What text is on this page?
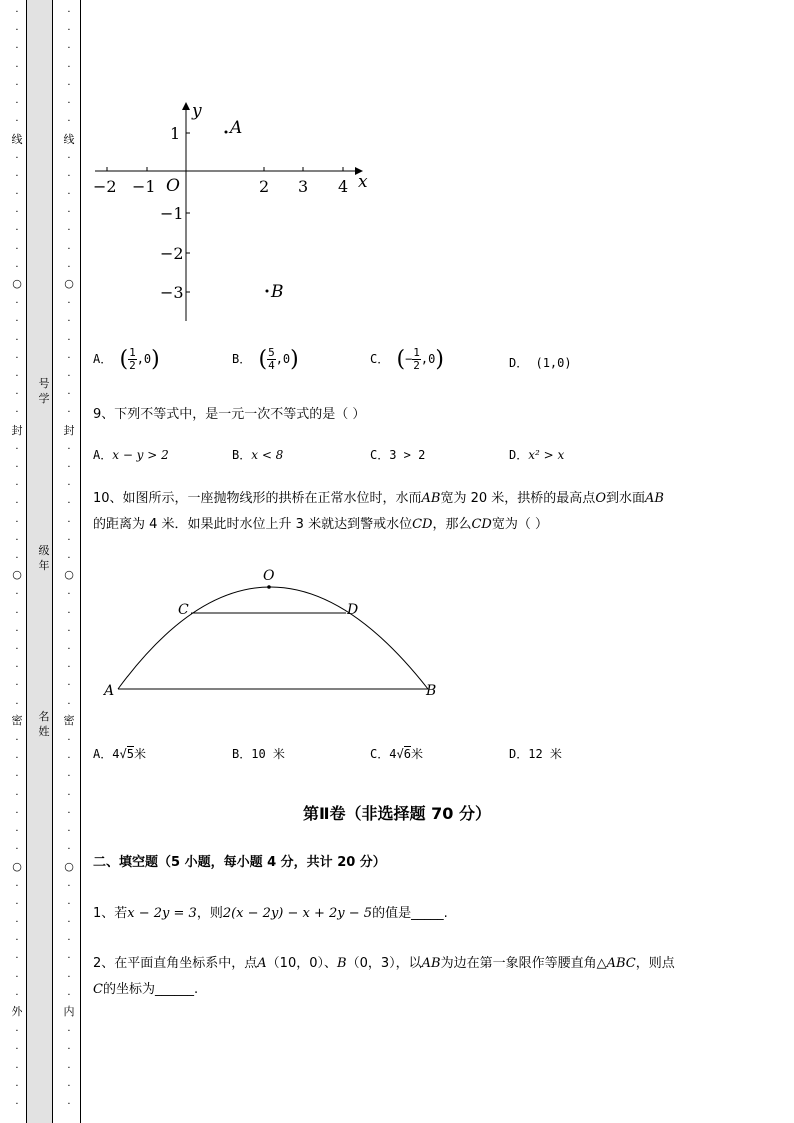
·
·
·
·
·
·
·
·
·
·
·
·
·
·
·
·
·
·
·
·
·
·
·
·
·
·
·
·
·
·
·
·
·
·
·
·
·
·
·
·
·
·
·
·
·
·
·
·
·
·
·
·
·
·
·
·
·
·
·
·
·
·
·
·
·
·
·
·
·
·
·
·
·
·
·
·
·
·
·
·
·
·
·
·
·
·
·
·
·
·
·
·
·
·
·
·
·
·
·
·
·
·
·
·
·
·
·
·
线
○
封
○
密
○
外
线
○
封
○
密
○
内
号学
级年
名姓
x
y
O
−2 −1	2 3 4
1
−1
−2
−3
A
B
A． ( $\frac{1}{2} ,0$)	B． ( $\frac{5}{4} ,0$)	C． (− $\frac{1}{2} ,0$)	D． (1,0)
9、下列不等式中，是一元一次不等式的是（ ）
A．x − y > 2	B．x < 8	C．3 > 2	D．x² > x
10、如图所示，一座抛物线形的拱桥在正常水位时，水而AB宽为 20 米，拱桥的最高点O到水面AB
的距离为 4 米．如果此时水位上升 3 米就达到警戒水位CD，那么CD宽为（ ）
O
C	D
A	B
A．4√5米	B．10 米	C．4√6米	D．12 米
第Ⅱ卷（非选择题 70 分）
二、填空题（5 小题，每小题 4 分，共计 20 分）
1、若x − 2y = 3，则2(x − 2y) − x + 2y − 5的值是_____.
2、在平面直角坐标系中，点A（10，0）、B（0，3），以AB为边在第一象限作等腰直角△ABC，则点
C的坐标为______.
